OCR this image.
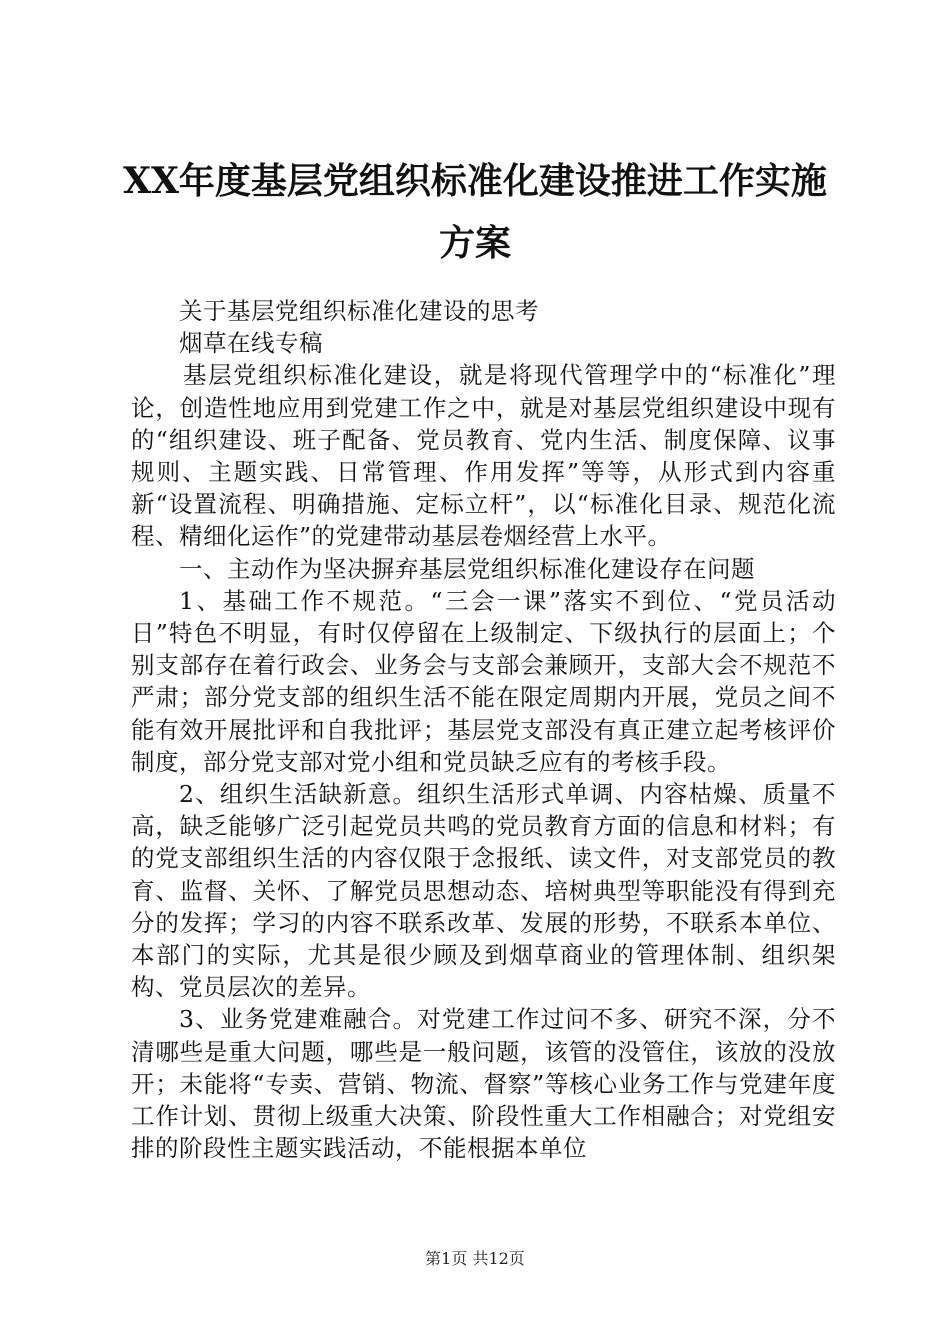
XX年度基层党组织标准化建设推进工作实施方案

关于基层党组织标准化建设的思考

烟草在线专稿

基层党组织标准化建设，就是将现代管理学中的“标准化”理论，创造性地应用到党建工作之中，就是对基层党组织建设中现有的“组织建设、班子配备、党员教育、党内生活、制度保障、议事规则、主题实践、日常管理、作用发挥”等等，从形式到内容重新“设置流程、明确措施、定标立杆”，以“标准化目录、规范化流程、精细化运作”的党建带动基层卷烟经营上水平。

一、主动作为坚决摒弃基层党组织标准化建设存在问题

1、基础工作不规范。“三会一课”落实不到位、“党员活动日”特色不明显，有时仅停留在上级制定、下级执行的层面上；个别支部存在着行政会、业务会与支部会兼顾开，支部大会不规范不严肃；部分党支部的组织生活不能在限定周期内开展，党员之间不能有效开展批评和自我批评；基层党支部没有真正建立起考核评价制度，部分党支部对党小组和党员缺乏应有的考核手段。

2、组织生活缺新意。组织生活形式单调、内容枯燥、质量不高，缺乏能够广泛引起党员共鸣的党员教育方面的信息和材料；有的党支部组织生活的内容仅限于念报纸、读文件，对支部党员的教育、监督、关怀、了解党员思想动态、培树典型等职能没有得到充分的发挥；学习的内容不联系改革、发展的形势，不联系本单位、本部门的实际，尤其是很少顾及到烟草商业的管理体制、组织架构、党员层次的差异。

3、业务党建难融合。对党建工作过问不多、研究不深，分不清哪些是重大问题，哪些是一般问题，该管的没管住，该放的没放开；未能将“专卖、营销、物流、督察”等核心业务工作与党建年度工作计划、贯彻上级重大决策、阶段性重大工作相融合；对党组安排的阶段性主题实践活动，不能根据本单位

第1页 共12页
